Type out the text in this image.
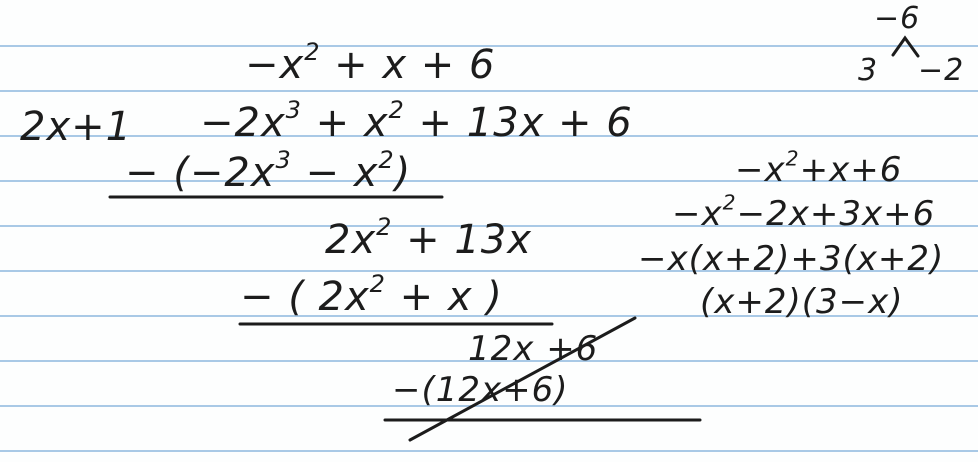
$-x^2 + x + 6$
$2x+1 -2x^3 + x^2 + 13x + 6$
− $(-2x^3 - x^2)$
$2x^2 + 13x$
− ( $2x^2 + x$ )
12x +6
−(12x+6)
−6
3 −2
$-x^2+x+6$
$-x^2-2x+3x+6$
−x(x+2)+3(x+2)
(x+2)(3−x)
